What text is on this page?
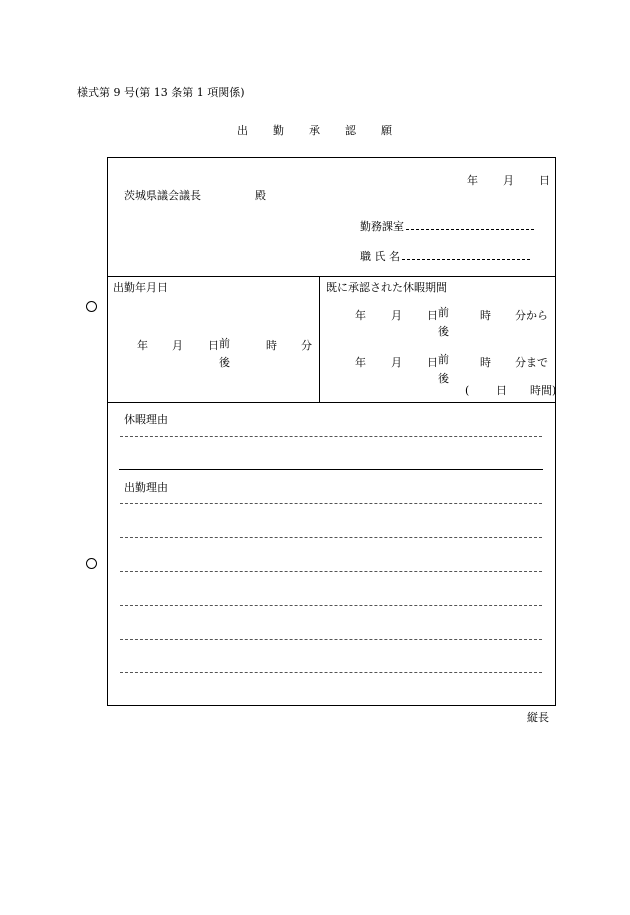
様式第 9 号(第 13 条第 1 項関係)
出　　勤　　承　　認　　願
年 月 日
茨城県議会議長	殿
勤務課室
職 氏 名
出勤年月日
年 月 日 前
後
時 分
既に承認された休暇期間
年 月 日 前
後
時 分から
年 月 日 前
後
時 分まで
( 日 時間)
休暇理由
出勤理由
縦長
